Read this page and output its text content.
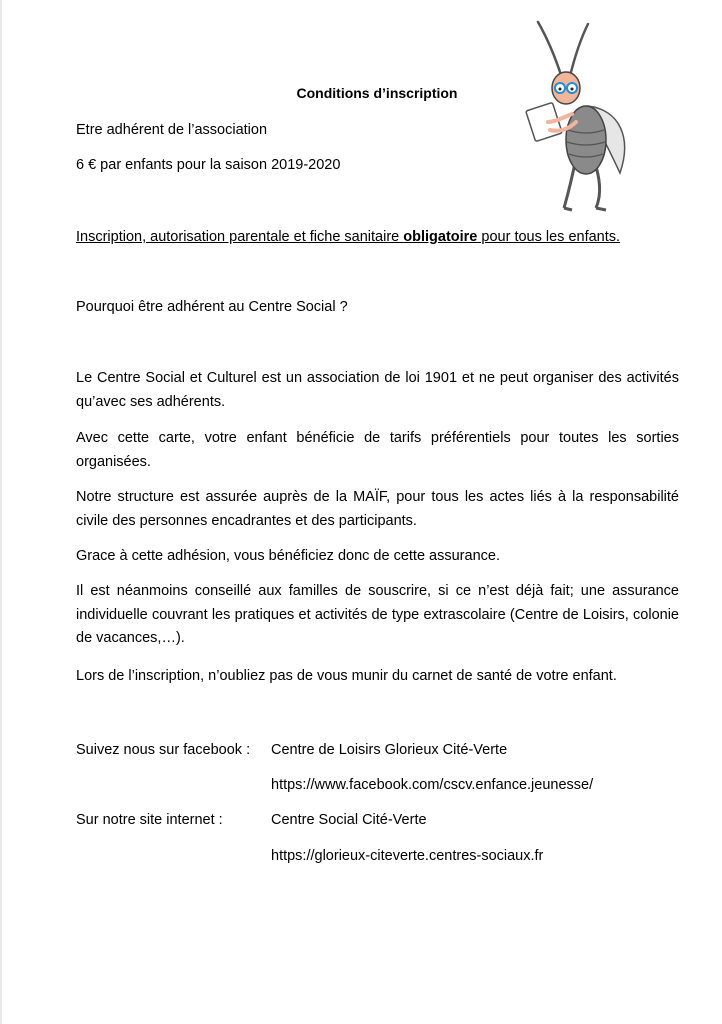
Conditions d’inscription
Etre adhérent de l’association
6 € par enfants pour la saison 2019-2020
Inscription, autorisation parentale et fiche sanitaire obligatoire pour tous les enfants.
Pourquoi être adhérent au Centre Social ?
Le Centre Social et Culturel est un association de loi 1901 et ne peut organiser des activités qu’avec ses adhérents.
Avec cette carte, votre enfant bénéficie de tarifs préférentiels pour toutes les sorties organisées.
Notre structure est assurée auprès de la MAÏF, pour tous les actes liés à la responsabilité civile des personnes encadrantes et des participants.
Grace à cette adhésion, vous bénéficiez donc de cette assurance.
Il est néanmoins conseillé aux familles de souscrire, si ce n’est déjà fait; une assurance individuelle couvrant les pratiques et activités de type extrascolaire (Centre de Loisirs, colonie de vacances,…).
Lors de l’inscription, n’oubliez pas de vous munir du carnet de santé de votre enfant.
Suivez nous sur facebook : Centre de Loisirs Glorieux Cité-Verte
https://www.facebook.com/cscv.enfance.jeunesse/
Sur notre site internet :	Centre Social Cité-Verte
https://glorieux-citeverte.centres-sociaux.fr
